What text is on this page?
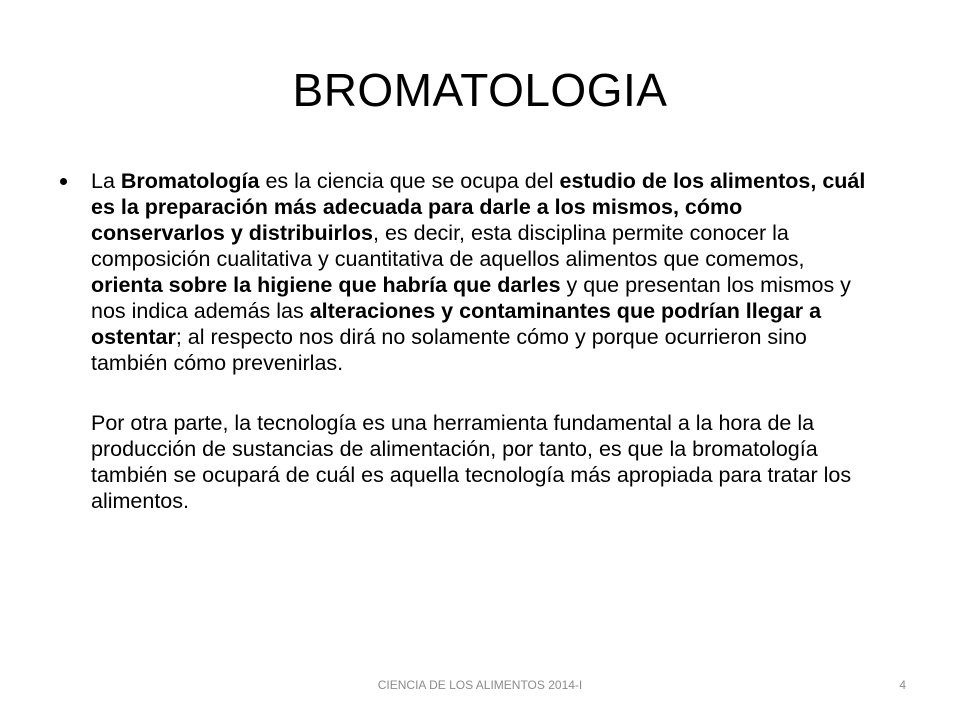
BROMATOLOGIA

La Bromatología es la ciencia que se ocupa del estudio de los alimentos, cuál es la preparación más adecuada para darle a los mismos, cómo conservarlos y distribuirlos, es decir, esta disciplina permite conocer la composición cualitativa y cuantitativa de aquellos alimentos que comemos, orienta sobre la higiene que habría que darles y que presentan los mismos y nos indica además las alteraciones y contaminantes que podrían llegar a ostentar; al respecto nos dirá no solamente cómo y porque ocurrieron sino también cómo prevenirlas.

Por otra parte, la tecnología es una herramienta fundamental a la hora de la producción de sustancias de alimentación, por tanto, es que la bromatología también se ocupará de cuál es aquella tecnología más apropiada para tratar los alimentos.

CIENCIA DE LOS ALIMENTOS 2014-I	4
